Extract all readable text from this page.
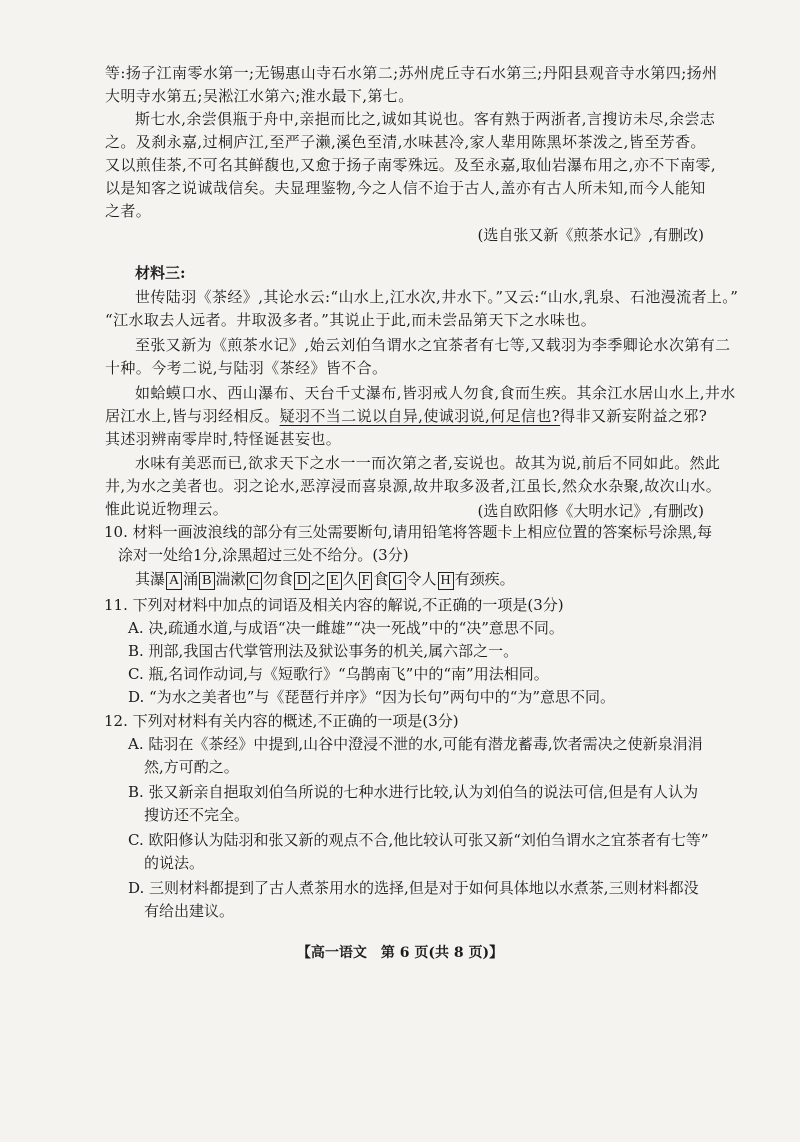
等:扬子江南零水第一;无锡惠山寺石水第二;苏州虎丘寺石水第三;丹阳县观音寺水第四;扬州
大明寺水第五;吴淞江水第六;淮水最下,第七。

斯七水,余尝俱瓶于舟中,亲挹而比之,诚如其说也。客有熟于两浙者,言搜访未尽,余尝志
之。及刹永嘉,过桐庐江,至严子濑,溪色至清,水味甚冷,家人辈用陈黑坏茶泼之,皆至芳香。
又以煎佳茶,不可名其鲜馥也,又愈于扬子南零殊远。及至永嘉,取仙岩瀑布用之,亦不下南零,
以是知客之说诚哉信矣。夫显理鉴物,今之人信不迨于古人,盖亦有古人所未知,而今人能知
之者。

(选自张又新《煎茶水记》,有删改)
材料三:

世传陆羽《茶经》,其论水云:“山水上,江水次,井水下。”又云:“山水,乳泉、石池漫流者上。”
“江水取去人远者。井取汲多者。”其说止于此,而未尝品第天下之水味也。

至张又新为《煎茶水记》,始云刘伯刍谓水之宜茶者有七等,又载羽为李季卿论水次第有二
十种。今考二说,与陆羽《茶经》皆不合。

如蛤蟆口水、西山瀑布、天台千丈瀑布,皆羽戒人勿食,食而生疾。其余江水居山水上,井水
居江水上,皆与羽经相反。疑羽不当二说以自异,使诚羽说,何足信也?得非又新妄附益之邪?
其述羽辨南零岸时,特怪诞甚妄也。

水味有美恶而已,欲求天下之水一一而次第之者,妄说也。故其为说,前后不同如此。然此
井,为水之美者也。羽之论水,恶淳浸而喜泉源,故井取多汲者,江虽长,然众水杂聚,故次山水。
惟此说近物理云。	(选自欧阳修《大明水记》,有删改)
10. 材料一画波浪线的部分有三处需要断句,请用铅笔将答题卡上相应位置的答案标号涂黑,每
涂对一处给1分,涂黑超过三处不给分。(3分)
其瀑 A 涌 B 湍漱 C 勿食 D 之 E 久 F 食 G 令人 H 有颈疾。
11. 下列对材料中加点的词语及相关内容的解说,不正确的一项是(3分)
A. 决,疏通水道,与成语“决一雌雄”“决一死战”中的“决”意思不同。
B. 刑部,我国古代掌管刑法及狱讼事务的机关,属六部之一。
C. 瓶,名词作动词,与《短歌行》“乌鹊南飞”中的“南”用法相同。
D. “为水之美者也”与《琵琶行并序》“因为长句”两句中的“为”意思不同。
12. 下列对材料有关内容的概述,不正确的一项是(3分)
A. 陆羽在《茶经》中提到,山谷中澄浸不泄的水,可能有潜龙蓄毒,饮者需决之使新泉涓涓
然,方可酌之。
B. 张又新亲自挹取刘伯刍所说的七种水进行比较,认为刘伯刍的说法可信,但是有人认为
搜访还不完全。
C. 欧阳修认为陆羽和张又新的观点不合,他比较认可张又新“刘伯刍谓水之宜茶者有七等”
的说法。
D. 三则材料都提到了古人煮茶用水的选择,但是对于如何具体地以水煮茶,三则材料都没
有给出建议。
【高一语文　第 6 页(共 8 页)】
